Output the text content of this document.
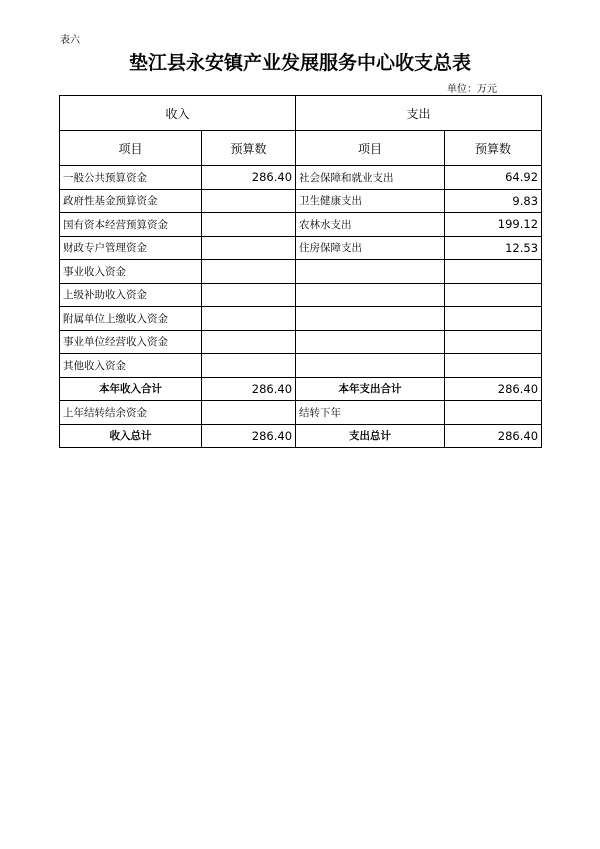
表六
垫江县永安镇产业发展服务中心收支总表
单位：万元
收入		支出	
项目	预算数	项目	预算数
一般公共预算资金	286.40	社会保障和就业支出	64.92
政府性基金预算资金		卫生健康支出	9.83
国有资本经营预算资金		农林水支出	199.12
财政专户管理资金		住房保障支出	12.53
事业收入资金			
上级补助收入资金			
附属单位上缴收入资金			
事业单位经营收入资金			
其他收入资金			
本年收入合计	286.40	本年支出合计	286.40
上年结转结余资金		结转下年	
收入总计	286.40	支出总计	286.40
